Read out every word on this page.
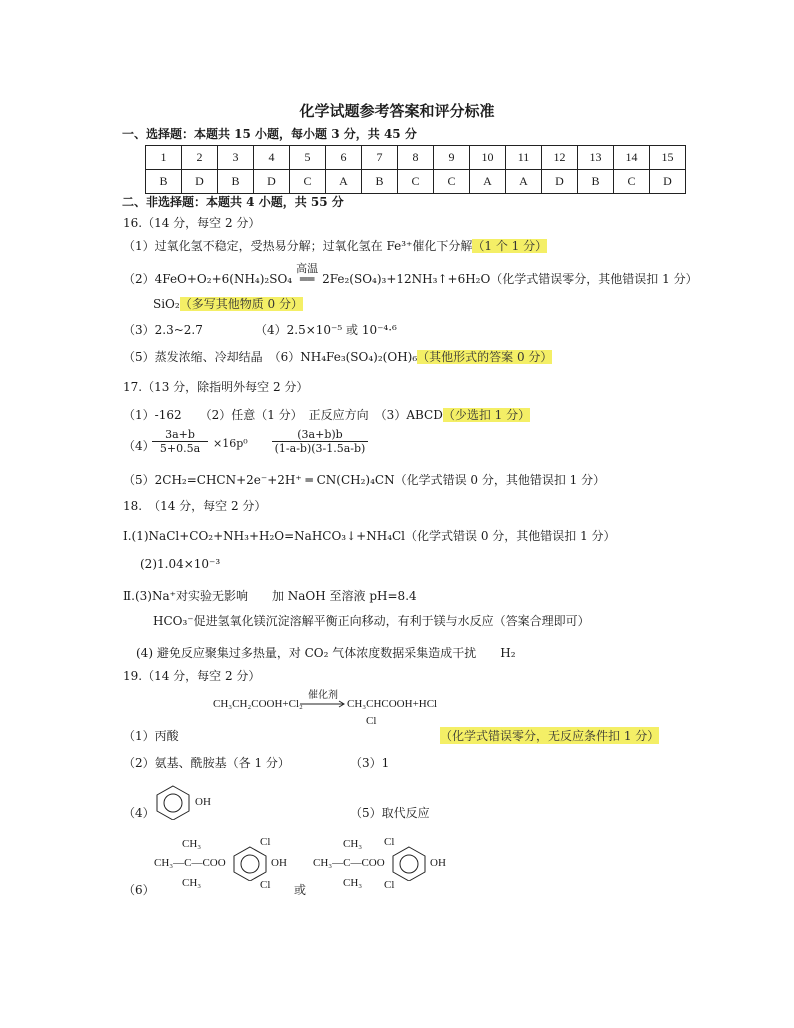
化学试题参考答案和评分标准
一、选择题：本题共 15 小题，每小题 3 分，共 45 分
1	2	3	4	5	6	7	8	9	10	11	12	13	14	15
B	D	B	D	C	A	B	C	C	A	A	D	B	C	D
二、非选择题：本题共 4 小题，共 55 分
16.（14 分，每空 2 分）
（1）过氧化氢不稳定，受热易分解；过氧化氢在 Fe³⁺催化下分解（1 个 1 分）
（2）4FeO+O₂+6(NH₄)₂SO₄
高温
══ 2Fe₂(SO₄)₃+12NH₃↑+6H₂O（化学式错误零分，其他错误扣 1 分）
SiO₂（多写其他物质 0 分）
（3）2.3~2.7	（4）2.5×10⁻⁵ 或 10⁻⁴·⁶
（5）蒸发浓缩、冷却结晶　（6）NH₄Fe₃(SO₄)₂(OH)₆（其他形式的答案 0 分）
17.（13 分，除指明外每空 2 分）
（1）-162　　（2）任意（1 分）　正反应方向　（3）ABCD（少选扣 1 分）
（4）
$\frac{3a+b}{5+0.5a} \times 16p^0 \frac{(3a+b)b}{(1-a-b)(3-1.5a-b)}$
（5）2CH₂=CHCN+2e⁻+2H⁺ ═ CN(CH₂)₄CN（化学式错误 0 分，其他错误扣 1 分）
18.　（14 分，每空 2 分）
Ⅰ.(1)NaCl+CO₂+NH₃+H₂O=NaHCO₃↓+NH₄Cl（化学式错误 0 分，其他错误扣 1 分）
(2)1.04×10⁻³
Ⅱ.(3)Na⁺对实验无影响　　加 NaOH 至溶液 pH=8.4
HCO₃⁻促进氢氧化镁沉淀溶解平衡正向移动，有利于镁与水反应（答案合理即可）
(4) 避免反应聚集过多热量，对 CO₂ 气体浓度数据采集造成干扰　　H₂
19.（14 分，每空 2 分）
CH₃CH₂COOH+Cl₂
催化剂
CH₃CHCOOH+HCl
Cl
（1）丙酸	（化学式错误零分，无反应条件扣 1 分）
（2）氨基、酰胺基（各 1 分）	（3）1
（4）
OH
（5）取代反应
（6）
CH₃
CH₃—C—COO
CH₃
Cl
OH
Cl 或
CH₃
CH₃—C—COO
CH₃
Cl
OH
Cl
